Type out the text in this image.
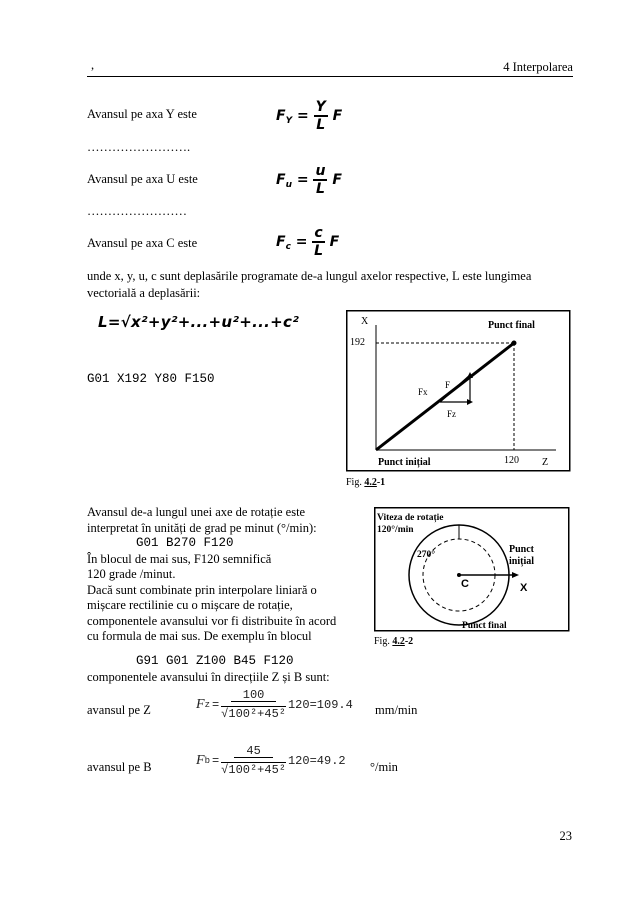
,	4 Interpolarea
Avansul pe axa Y este	$F_Y = \frac{Y}{L}$ F
…………………….
Avansul pe axa U este	$F_u = \frac{u}{L}$ F
……………………
Avansul pe axa C este	$F_c = \frac{c}{L}$ F
unde x, y, u, c sunt deplasările programate de-a lungul axelor respective, L este lungimea vectorială a deplasării:
L=√x²+y²+...+u²+...+c²
G01 X192 Y80 F150
X
192
Punct final
F
Fx
Fz
Punct inițial	120 Z
Fig. 4.2-1
Avansul de-a lungul unei axe de rotație este
interpretat în unități de grad pe minut (°/min):
G01 B270 F120
În blocul de mai sus, F120 semnifică
120 grade /minut.
Dacă sunt combinate prin interpolare liniară o
mișcare rectilinie cu o mișcare de rotație,
componentele avansului vor fi distribuite în acord
cu formula de mai sus. De exemplu în blocul
Viteza de rotație
120°/min
270°
C	X
Punct
inițial
Punct final
Fig. 4.2-2
G91 G01 Z100 B45 F120
componentele avansului în direcțiile Z și B sunt:
avansul pe Z	F $z = \frac{100}{\text{√100²+45²}} 120=109.4$ mm/min
avansul pe B	F $b = \frac{45}{\text{√100²+45²}} 120=49.2$ °/min
23
